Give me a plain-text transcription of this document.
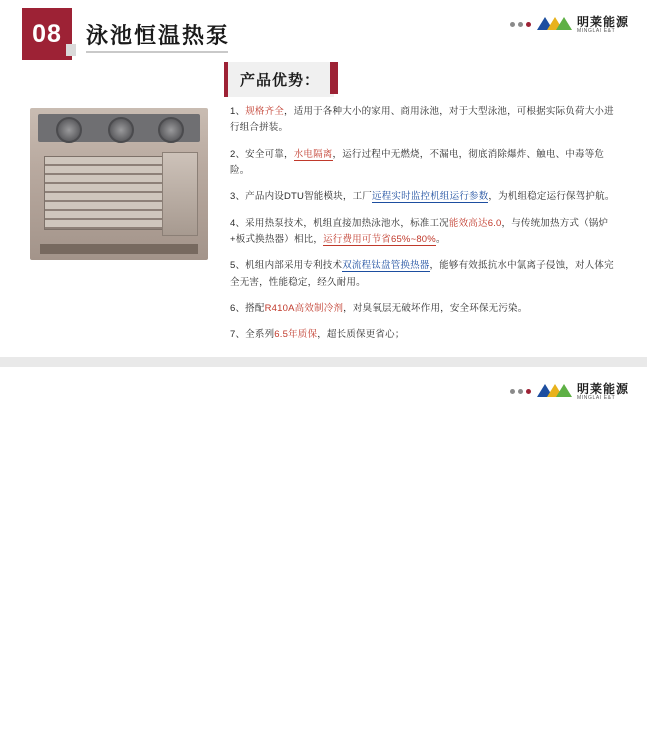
08	泳池恒温热泵
明莱能源
MINGLAI E&T
产品优势：
1、规格齐全，适用于各种大小的家用、商用泳池，对于大型泳池，可根据实际负荷大小进行组合拼装。
2、安全可靠，水电隔离，运行过程中无燃烧，不漏电，彻底消除爆炸、触电、中毒等危险。
3、产品内设DTU智能模块，工厂远程实时监控机组运行参数，为机组稳定运行保驾护航。
4、采用热泵技术，机组直接加热泳池水，标准工况能效高达6.0，与传统加热方式（锅炉+板式换热器）相比，运行费用可节省65%~80%。
5、机组内部采用专利技术双流程钛盘管换热器，能够有效抵抗水中氯离子侵蚀，对人体完全无害，性能稳定，经久耐用。
6、搭配R410A高效制冷剂，对臭氧层无破坏作用，安全环保无污染。
7、全系列6.5年质保，超长质保更省心；
明莱能源
MINGLAI E&T
